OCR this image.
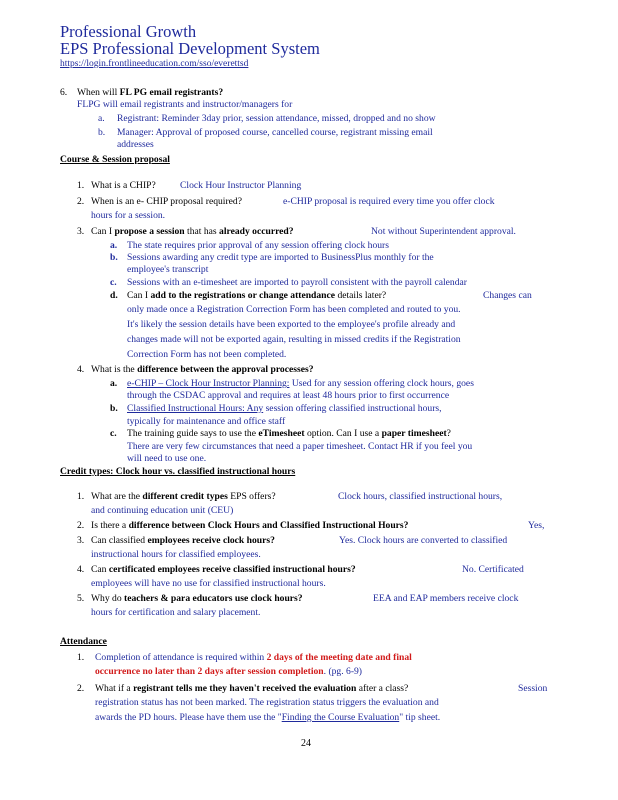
Professional Growth
EPS Professional Development System
https://login.frontlineeducation.com/sso/everettsd
6. When will FL PG email registrants?
FLPG will email registrants and instructor/managers for
a. Registrant: Reminder 3day prior, session attendance, missed, dropped and no show
b. Manager: Approval of proposed course, cancelled course, registrant missing email
addresses
Course & Session proposal
1. What is a CHIP?	Clock Hour Instructor Planning
2. When is an e- CHIP proposal required?	e-CHIP proposal is required every time you offer clock
hours for a session.
3. Can I propose a session that has already occurred?	Not without Superintendent approval.
a. The state requires prior approval of any session offering clock hours
b. Sessions awarding any credit type are imported to BusinessPlus monthly for the
employee's transcript
c. Sessions with an e-timesheet are imported to payroll consistent with the payroll calendar
d. Can I add to the registrations or change attendance details later?	Changes can
only made once a Registration Correction Form has been completed and routed to you.
It's likely the session details have been exported to the employee's profile already and
changes made will not be exported again, resulting in missed credits if the Registration
Correction Form has not been completed.
4. What is the difference between the approval processes?
a. e-CHIP – Clock Hour Instructor Planning: Used for any session offering clock hours, goes
through the CSDAC approval and requires at least 48 hours prior to first occurrence
b. Classified Instructional Hours: Any session offering classified instructional hours,
typically for maintenance and office staff
c. The training guide says to use the eTimesheet option. Can I use a paper timesheet?
There are very few circumstances that need a paper timesheet. Contact HR if you feel you
will need to use one.
Credit types: Clock hour vs. classified instructional hours
1. What are the different credit types EPS offers?	Clock hours, classified instructional hours,
and continuing education unit (CEU)
2. Is there a difference between Clock Hours and Classified Instructional Hours?	Yes,
3. Can classified employees receive clock hours?	Yes. Clock hours are converted to classified
instructional hours for classified employees.
4. Can certificated employees receive classified instructional hours?	No. Certificated
employees will have no use for classified instructional hours.
5. Why do teachers & para educators use clock hours?	EEA and EAP members receive clock
hours for certification and salary placement.
Attendance
1. Completion of attendance is required within 2 days of the meeting date and final
occurrence no later than 2 days after session completion. (pg. 6-9)
2. What if a registrant tells me they haven't received the evaluation after a class?	Session
registration status has not been marked. The registration status triggers the evaluation and
awards the PD hours. Please have them use the "Finding the Course Evaluation" tip sheet.
24
